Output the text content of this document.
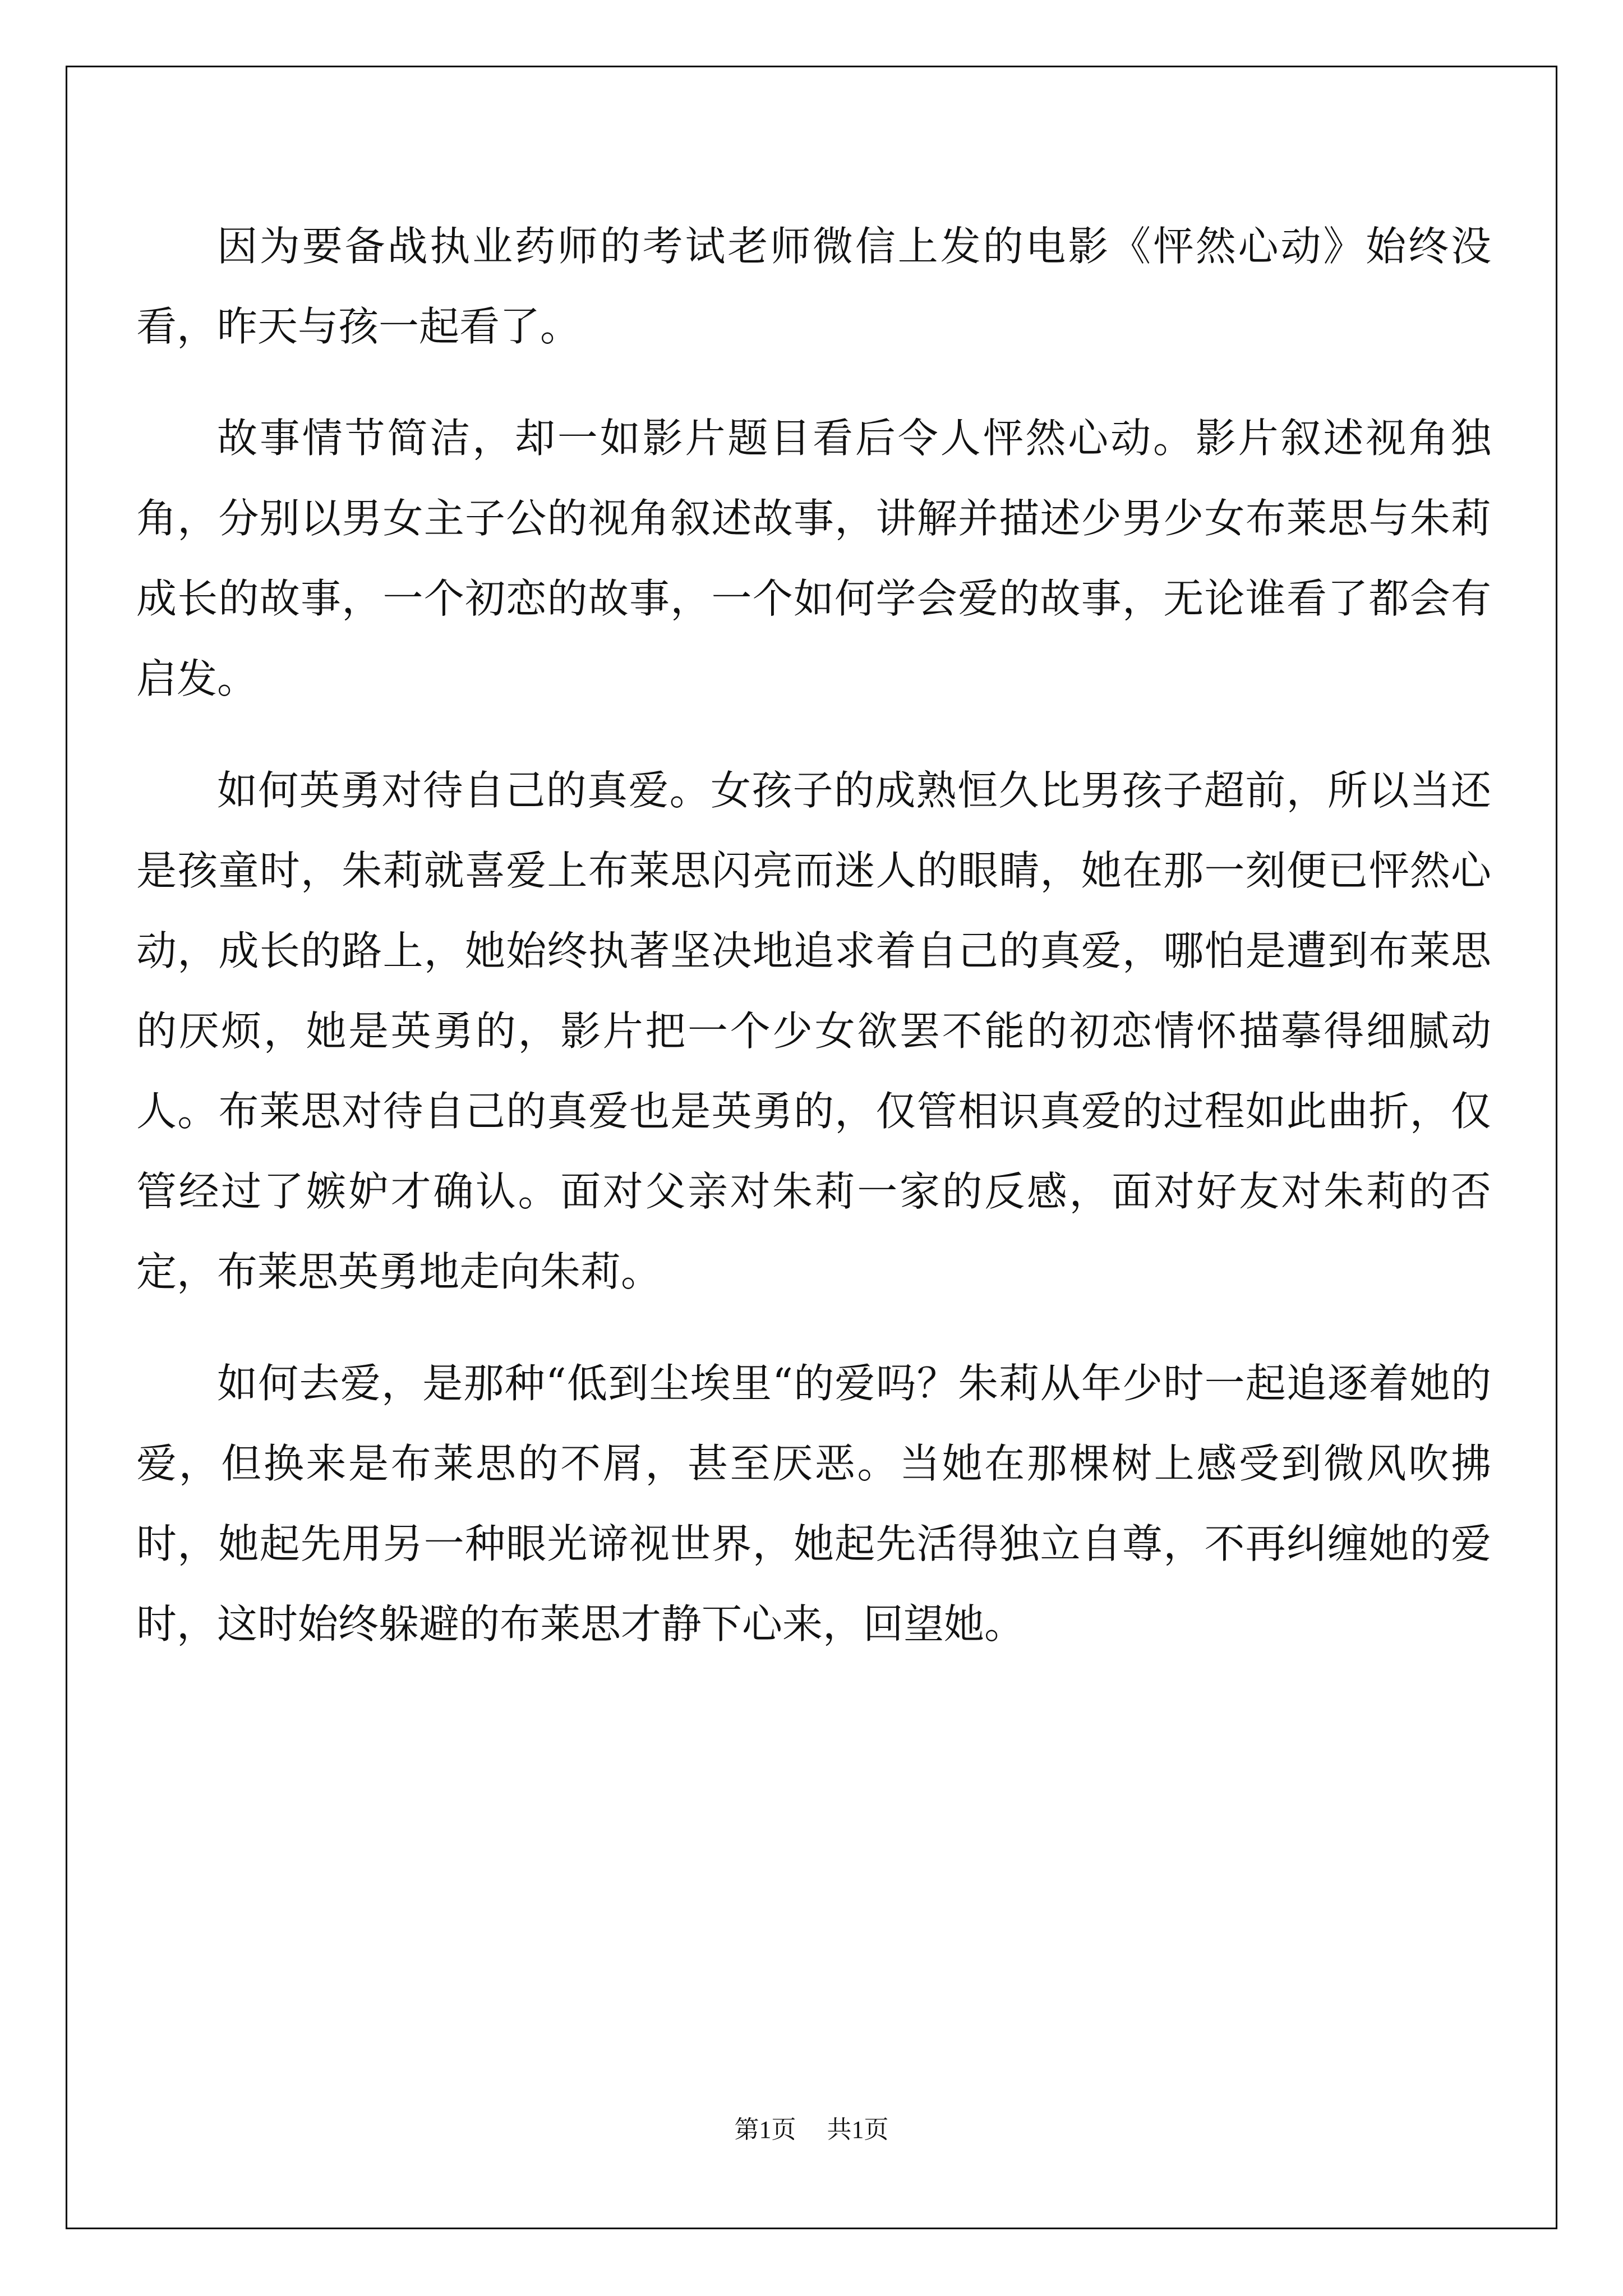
因为要备战执业药师的考试老师微信上发的电影《怦然心动》始终没看，昨天与孩一起看了。

故事情节简洁，却一如影片题目看后令人怦然心动。影片叙述视角独角，分别以男女主子公的视角叙述故事，讲解并描述少男少女布莱思与朱莉成长的故事，一个初恋的故事，一个如何学会爱的故事，无论谁看了都会有启发。

如何英勇对待自己的真爱。女孩子的成熟恒久比男孩子超前，所以当还是孩童时，朱莉就喜爱上布莱思闪亮而迷人的眼睛，她在那一刻便已怦然心动，成长的路上，她始终执著坚决地追求着自己的真爱，哪怕是遭到布莱思的厌烦，她是英勇的，影片把一个少女欲罢不能的初恋情怀描摹得细腻动人。布莱思对待自己的真爱也是英勇的，仅管相识真爱的过程如此曲折，仅管经过了嫉妒才确认。面对父亲对朱莉一家的反感，面对好友对朱莉的否定，布莱思英勇地走向朱莉。

如何去爱，是那种“低到尘埃里“的爱吗？朱莉从年少时一起追逐着她的爱，但换来是布莱思的不屑，甚至厌恶。当她在那棵树上感受到微风吹拂时，她起先用另一种眼光谛视世界，她起先活得独立自尊，不再纠缠她的爱时，这时始终躲避的布莱思才静下心来，回望她。

第1页 共1页
